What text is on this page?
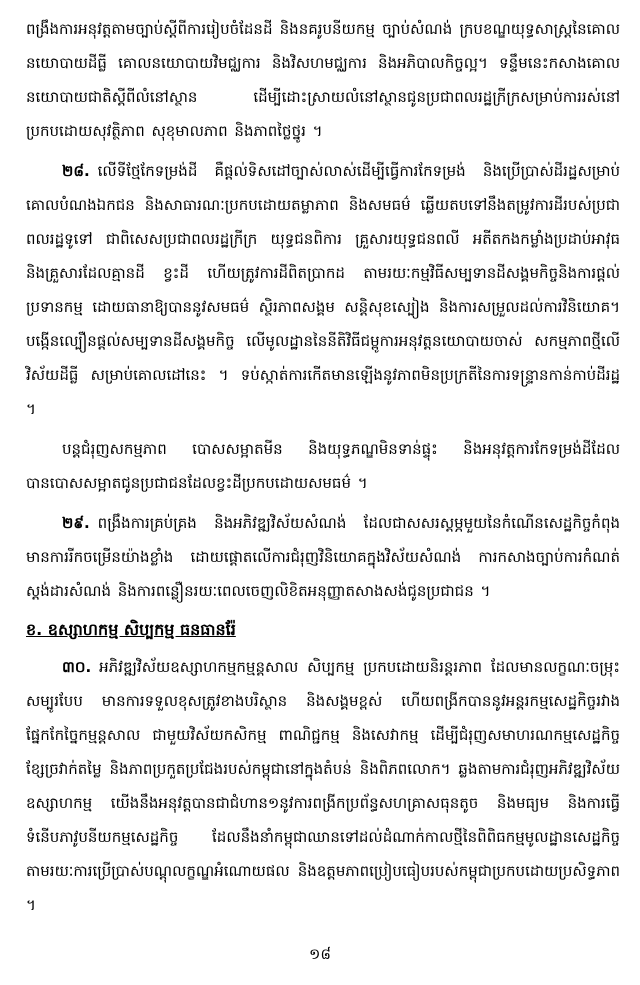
ពង្រឹងការអនុវត្តតាមច្បាប់ស្តីពីការរៀបចំដែនដី និងនគរូបនីយកម្ម ច្បាប់សំណង់ ក្របខណ្ឌយុទ្ធសាស្ត្រនៃគោលនយោបាយដីធ្លី គោលនយោបាយវិមជ្ឈការ និងវិសហមជ្ឈការ និងអភិបាលកិច្ចល្អ។ ទន្ទឹមនេះកសាងគោលនយោបាយជាតិស្តីពីលំនៅស្ថាន ដើម្បីដោះស្រាយលំនៅស្ថានជូនប្រជាពលរដ្ឋក្រីក្រសម្រាប់ការរស់នៅប្រកបដោយសុវត្ថិភាព សុខុមាលភាព និងភាពថ្លៃថ្នូរ ។

២៨. លើទីថ្មែកែទម្រង់ដី គឺផ្តល់ទិសដៅច្បាស់លាស់ដើម្បីធ្វើការកែទម្រង់ និងប្រើប្រាស់ដីរដ្ឋសម្រាប់គោលបំណងឯកជន និងសាធារណៈប្រកបដោយតម្លាភាព និងសមធម៌ ឆ្លើយតបទៅនឹងតម្រូវការដីរបស់ប្រជាពលរដ្ឋទូទៅ ជាពិសេសប្រជាពលរដ្ឋក្រីក្រ យុទ្ធជនពិការ គ្រួសារយុទ្ធជនពលី អតីតកងកម្លាំងប្រដាប់អាវុធ និងគ្រួសារដែលគ្មានដី ខ្វះដី ហើយត្រូវការដីពិតប្រាកដ តាមរយៈកម្មវិធីសម្បទានដីសង្គមកិច្ចនិងការផ្ដល់ប្រទានកម្ម ដោយធានាឱ្យបាននូវសមធម៌ ស្ថិរភាពសង្គម សន្តិសុខស្បៀង និងការសម្រួលដល់ការវិនិយោគ។ បង្កើនល្បឿនផ្តល់សម្បទានដីសង្គមកិច្ច លើមូលដ្ឋាននៃនីតិវិធីជម្ពូការអនុវត្តនយោបាយចាស់ សកម្មភាពថ្មីលើវិស័យដីធ្លី សម្រាប់គោលដៅនេះ ។ ទប់ស្កាត់ការកើតមានឡើងនូវភាពមិនប្រក្រតីនៃការទន្ទ្រានកាន់កាប់ដីរដ្ឋ ។

បន្តជំរុញសកម្មភាព បោសសម្អាតមីន និងយុទ្ធភណ្ឌមិនទាន់ផ្ទុះ និងអនុវត្តការកែទម្រង់ដីដែលបានបោសសម្អាតជូនប្រជាជនដែលខ្វះដីប្រកបដោយសមធម៌ ។

២៩. ពង្រឹងការគ្រប់គ្រង និងអភិវឌ្ឍវិស័យសំណង់ ដែលជាសសរស្តម្ភមួយនៃកំណើនសេដ្ឋកិច្ចកំពុងមានការរីកចម្រើនយ៉ាងខ្លាំង ដោយផ្តោតលើការជំរុញវិនិយោគក្នុងវិស័យសំណង់ ការកសាងច្បាប់ការកំណត់ស្តង់ដារសំណង់ និងការពន្លឿនរយៈពេលចេញលិខិតអនុញ្ញាតសាងសង់ជូនប្រជាជន ។

ខ. ឧស្សាហកម្ម សិប្បកម្ម ធនធានរ៉ែ

៣០. អភិវឌ្ឍវិស័យឧស្សាហកម្មកម្មន្តសាល សិប្បកម្ម ប្រកបដោយនិរន្តរភាព ដែលមានលក្ខណៈចម្រុះសម្បូរបែប មានការទទួលខុសត្រូវខាងបរិស្ថាន និងសង្គមខ្ពស់ ហើយពង្រីកបាននូវអន្តរកម្មសេដ្ឋកិច្ចរវាងផ្នែកកែច្នៃកម្មន្តសាល ជាមួយវិស័យកសិកម្ម ពាណិជ្ជកម្ម និងសេវាកម្ម ដើម្បីជំរុញសមាហរណកម្មសេដ្ឋកិច្ច ខ្សែច្រវាក់តម្លៃ និងភាពប្រកួតប្រជែងរបស់កម្ពុជានៅក្នុងតំបន់ និងពិភពលោក។ ឆ្លងតាមការជំរុញអភិវឌ្ឍវិស័យឧស្សាហកម្ម យើងនឹងអនុវត្តបានជាជំហាន១នូវការពង្រីកប្រព័ន្ធសហគ្រាសធុនតូច និងមធ្យម និងការធ្វើទំនើបភាវូបនីយកម្មសេដ្ឋកិច្ច ដែលនឹងនាំកម្ពុជាឈានទៅដល់ដំណាក់កាលថ្មីនៃពិពិធកម្មមូលដ្ឋានសេដ្ឋកិច្ច តាមរយៈការប្រើប្រាស់បណ្តុលក្ខណ្ឌអំណោយផល និងឧត្តមភាពប្រៀបធៀបរបស់កម្ពុជាប្រកបដោយប្រសិទ្ធភាព ។

១៨
